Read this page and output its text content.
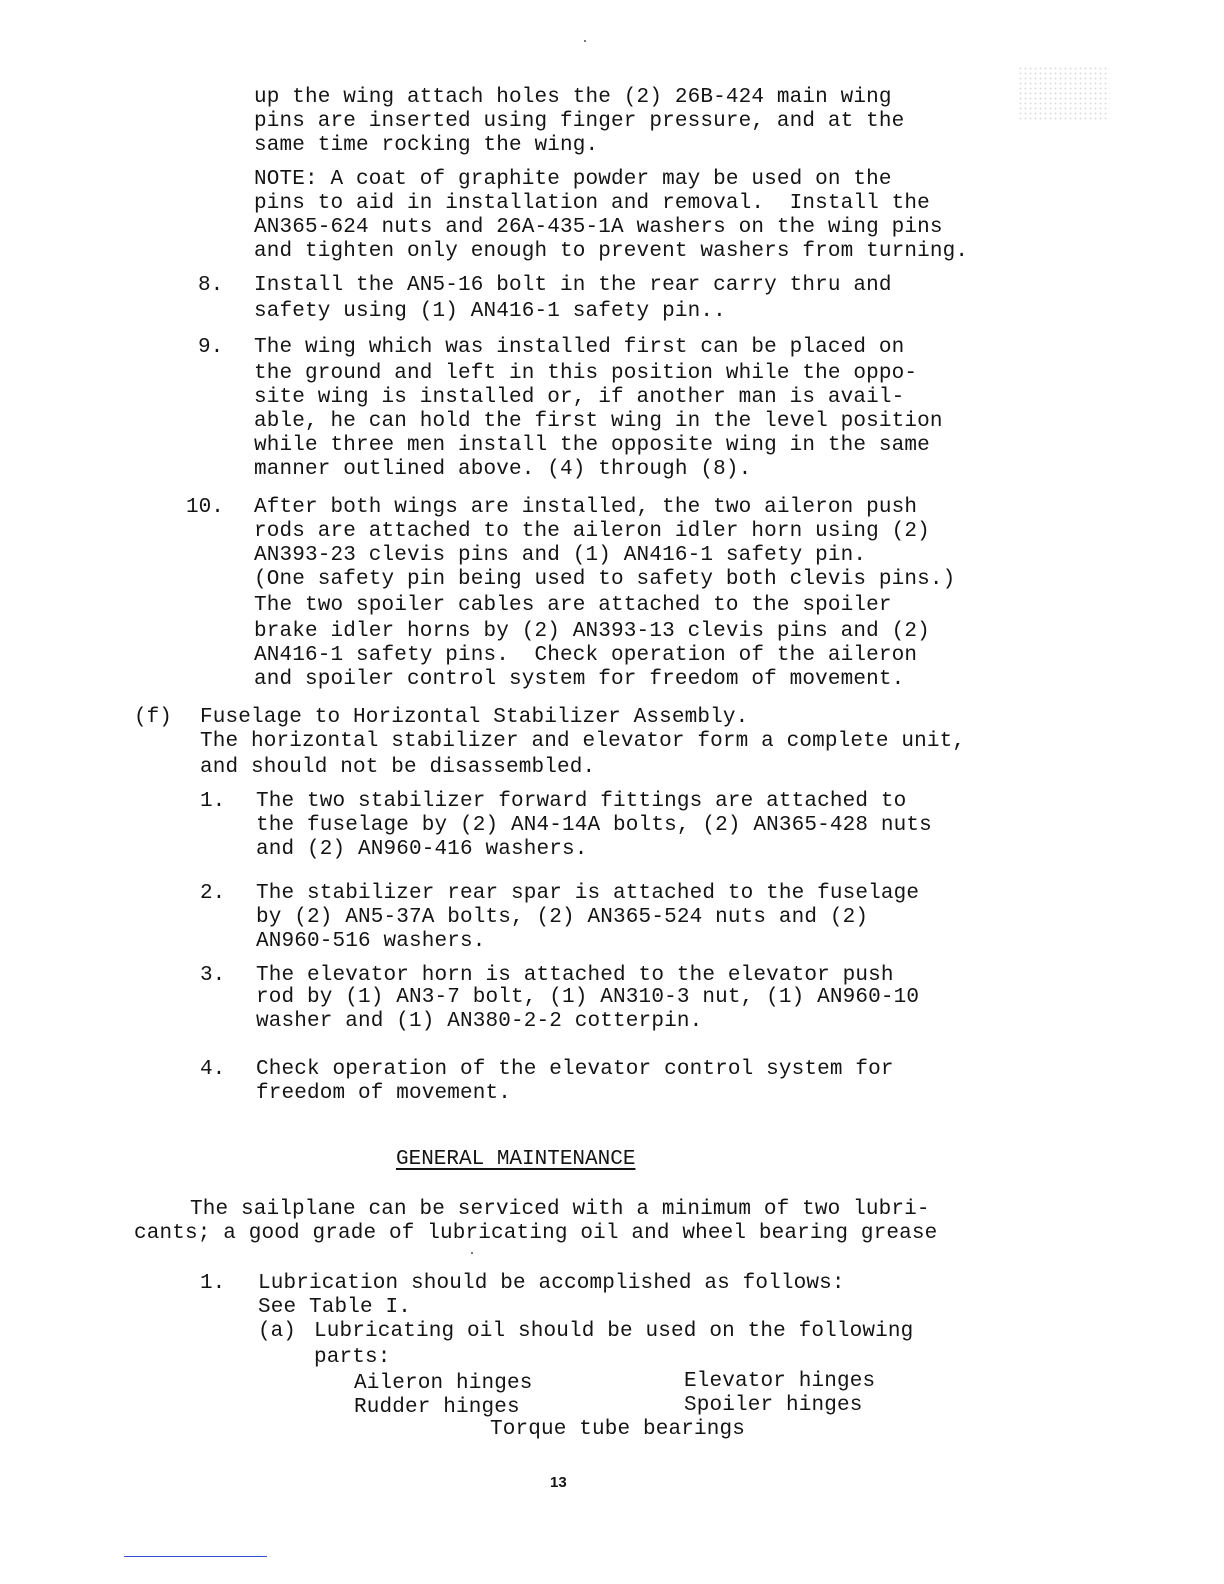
up the wing attach holes the (2) 26B-424 main wing
pins are inserted using finger pressure, and at the
same time rocking the wing.
NOTE: A coat of graphite powder may be used on the
pins to aid in installation and removal.  Install the
AN365-624 nuts and 26A-435-1A washers on the wing pins
and tighten only enough to prevent washers from turning.
8. Install the AN5-16 bolt in the rear carry thru and
safety using (1) AN416-1 safety pin..
9. The wing which was installed first can be placed on
the ground and left in this position while the oppo-
site wing is installed or, if another man is avail-
able, he can hold the first wing in the level position
while three men install the opposite wing in the same
manner outlined above. (4) through (8).
10. After both wings are installed, the two aileron push
rods are attached to the aileron idler horn using (2)
AN393-23 clevis pins and (1) AN416-1 safety pin.
(One safety pin being used to safety both clevis pins.)
The two spoiler cables are attached to the spoiler
brake idler horns by (2) AN393-13 clevis pins and (2)
AN416-1 safety pins.  Check operation of the aileron
and spoiler control system for freedom of movement.
(f) Fuselage to Horizontal Stabilizer Assembly.
The horizontal stabilizer and elevator form a complete unit,
and should not be disassembled.
1. The two stabilizer forward fittings are attached to
the fuselage by (2) AN4-14A bolts, (2) AN365-428 nuts
and (2) AN960-416 washers.
2. The stabilizer rear spar is attached to the fuselage
by (2) AN5-37A bolts, (2) AN365-524 nuts and (2)
AN960-516 washers.
3. The elevator horn is attached to the elevator push
rod by (1) AN3-7 bolt, (1) AN310-3 nut, (1) AN960-10
washer and (1) AN380-2-2 cotterpin.
4. Check operation of the elevator control system for
freedom of movement.
GENERAL MAINTENANCE
The sailplane can be serviced with a minimum of two lubri-
cants; a good grade of lubricating oil and wheel bearing grease
1. Lubrication should be accomplished as follows:
See Table I.
(a) Lubricating oil should be used on the following
parts:
Aileron hinges	Elevator hinges
Rudder hinges	Spoiler hinges
Torque tube bearings
13
